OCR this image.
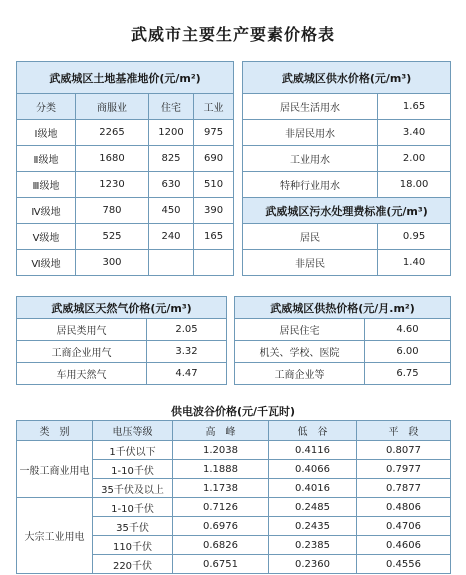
武威市主要生产要素价格表
武威城区土地基准地价(元/m²)					武威城区供水价格(元/m³)	
分类	商服业	住宅	工业		居民生活用水	1.65
Ⅰ级地	2265	1200	975		非居民用水	3.40
Ⅱ级地	1680	825	690		工业用水	2.00
Ⅲ级地	1230	630	510		特种行业用水	18.00
Ⅳ级地	780	450	390		武威城区污水处理费标准(元/m³)	
Ⅴ级地	525	240	165		居民	0.95
Ⅵ级地	300				非居民	1.40
武威城区天然气价格(元/m³)			武威城区供热价格(元/月.m²)	
居民类用气	2.05		居民住宅	4.60
工商企业用气	3.32		机关、学校、医院	6.00
车用天然气	4.47		工商企业等	6.75
供电波谷价格(元/千瓦时)
类　别	电压等级	高　峰	低　谷	平　段
一般工商业用电	1千伏以下	1.2038	0.4116	0.8077
	1-10千伏	1.1888	0.4066	0.7977
	35千伏及以上	1.1738	0.4016	0.7877
大宗工业用电	1-10千伏	0.7126	0.2485	0.4806
	35千伏	0.6976	0.2435	0.4706
	110千伏	0.6826	0.2385	0.4606
	220千伏	0.6751	0.2360	0.4556
